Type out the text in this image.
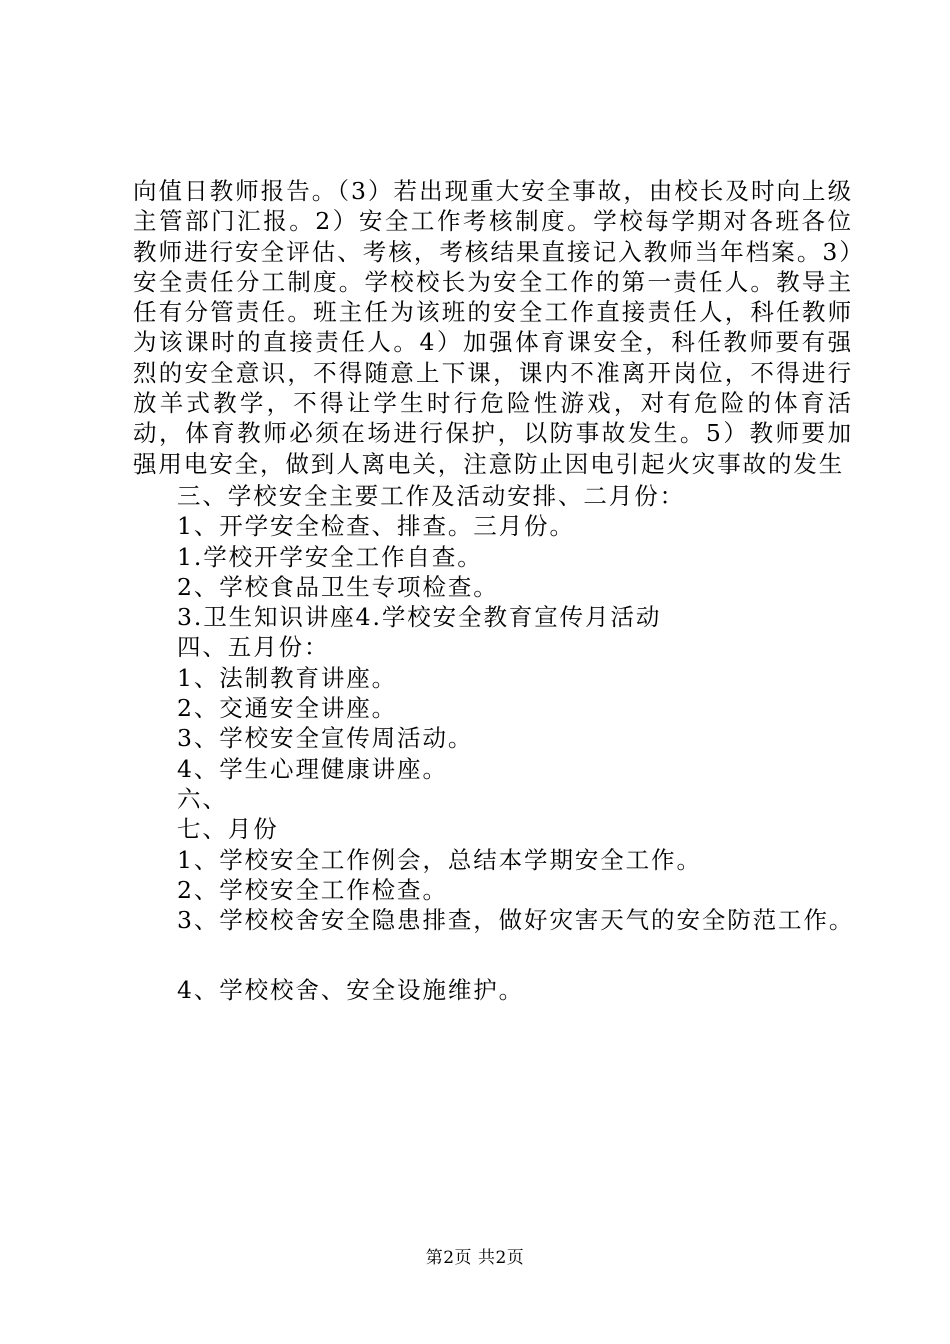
向值日教师报告。（3）若出现重大安全事故，由校长及时向上级主管部门汇报。2）安全工作考核制度。学校每学期对各班各位教师进行安全评估、考核，考核结果直接记入教师当年档案。3）安全责任分工制度。学校校长为安全工作的第一责任人。教导主任有分管责任。班主任为该班的安全工作直接责任人，科任教师为该课时的直接责任人。4）加强体育课安全，科任教师要有强烈的安全意识，不得随意上下课，课内不准离开岗位，不得进行放羊式教学，不得让学生时行危险性游戏，对有危险的体育活动，体育教师必须在场进行保护，以防事故发生。5）教师要加强用电安全，做到人离电关，注意防止因电引起火灾事故的发生

三、学校安全主要工作及活动安排、二月份：

1、开学安全检查、排查。三月份。

1.学校开学安全工作自查。

2、学校食品卫生专项检查。

3.卫生知识讲座4.学校安全教育宣传月活动

四、五月份：

1、法制教育讲座。

2、交通安全讲座。

3、学校安全宣传周活动。

4、学生心理健康讲座。

六、

七、月份

1、学校安全工作例会，总结本学期安全工作。

2、学校安全工作检查。

3、学校校舍安全隐患排查，做好灾害天气的安全防范工作。

4、学校校舍、安全设施维护。

第2页 共2页
